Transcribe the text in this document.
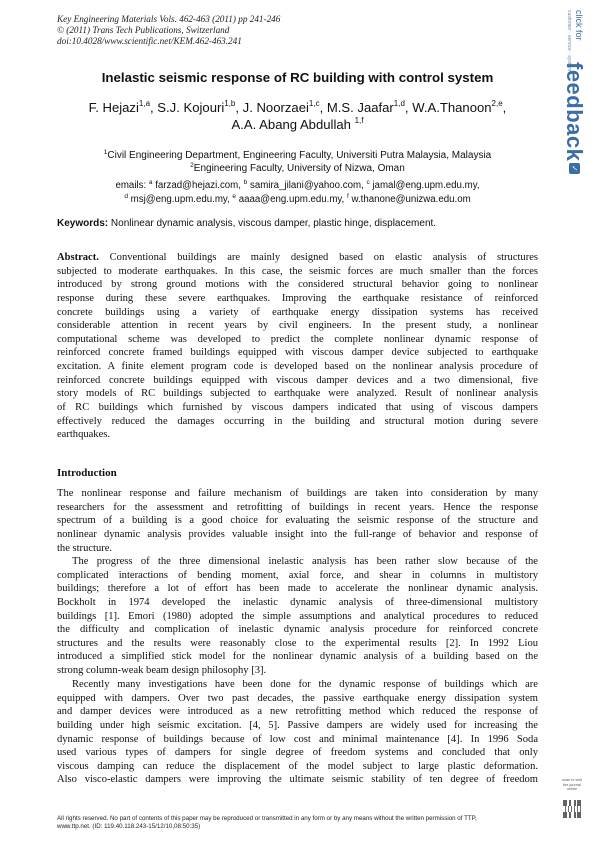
Key Engineering Materials Vols. 462-463 (2011) pp 241-246
© (2011) Trans Tech Publications, Switzerland
doi:10.4028/www.scientific.net/KEM.462-463.241
click for
customer · service · system
feedback
✓
Inelastic seismic response of RC building with control system
F. Hejazi$^{1,a}$, S.J. Kojouri$^{1,b}$, J. Noorzaei$^{1,c}$, M.S. Jaafar$^{1,d}$, W.A.Thanoon$^{2,e}$,
A.A. Abang Abdullah $^{1,f}$
$^1$Civil Engineering Department, Engineering Faculty, Universiti Putra Malaysia, Malaysia
$^2$Engineering Faculty, University of Nizwa, Oman
emails: $^a$ farzad@hejazi.com, $^b$ samira_jilani@yahoo.com, $^c$ jamal@eng.upm.edu.my,
$^d$ msj@eng.upm.edu.my, $^e$ aaaa@eng.upm.edu.my, $^f$ w.thanone@unizwa.edu.om
Keywords: Nonlinear dynamic analysis, viscous damper, plastic hinge, displacement.
Abstract. Conventional buildings are mainly designed based on elastic analysis of structures
subjected to moderate earthquakes. In this case, the seismic forces are much smaller than the forces
introduced by strong ground motions with the considered structural behavior going to nonlinear
response during these severe earthquakes. Improving the earthquake resistance of reinforced
concrete buildings using a variety of earthquake energy dissipation systems has received
considerable attention in recent years by civil engineers. In the present study, a nonlinear
computational scheme was developed to predict the complete nonlinear dynamic response of
reinforced concrete framed buildings equipped with viscous damper device subjected to earthquake
excitation. A finite element program code is developed based on the nonlinear analysis procedure of
reinforced concrete buildings equipped with viscous damper devices and a two dimensional, five
story models of RC buildings subjected to earthquake were analyzed. Result of nonlinear analysis
of RC buildings which furnished by viscous dampers indicated that using of viscous dampers
effectively reduced the damages occurring in the building and structural motion during severe
earthquakes.
Introduction
The nonlinear response and failure mechanism of buildings are taken into consideration by many
researchers for the assessment and retrofitting of buildings in recent years. Hence the response
spectrum of a building is a good choice for evaluating the seismic response of the structure and
nonlinear dynamic analysis provides valuable insight into the full-range of behavior and response of
the structure.
The progress of the three dimensional inelastic analysis has been rather slow because of the
complicated interactions of bending moment, axial force, and shear in columns in multistory
buildings; therefore a lot of effort has been made to accelerate the nonlinear dynamic analysis.
Bockholt in 1974 developed the inelastic dynamic analysis of three-dimensional multistory
buildings [1]. Emori (1980) adopted the simple assumptions and analytical procedures to reduced
the difficulty and complication of inelastic dynamic analysis procedure for reinforced concrete
structures and the results were reasonably close to the experimental results [2]. In 1992 Liou
introduced a simplified stick model for the nonlinear dynamic analysis of a building based on the
strong column-weak beam design philosophy [3].
Recently many investigations have been done for the dynamic response of buildings which are
equipped with dampers. Over two past decades, the passive earthquake energy dissipation system
and damper devices were introduced as a new retrofitting method which reduced the response of
building under high seismic excitation. [4, 5]. Passive dampers are widely used for increasing the
dynamic response of buildings because of low cost and minimal maintenance [4]. In 1996 Soda
used various types of dampers for single degree of freedom systems and concluded that only
viscous damping can reduce the displacement of the model subject to large plastic deformation.
Also visco-elastic dampers were improving the ultimate seismic stability of ten degree of freedom	scan to visit the journal online
All rights reserved. No part of contents of this paper may be reproduced or transmitted in any form or by any means without the written permission of TTP,
www.ttp.net. (ID: 119.40.118.243-15/12/10,08:50:35)
